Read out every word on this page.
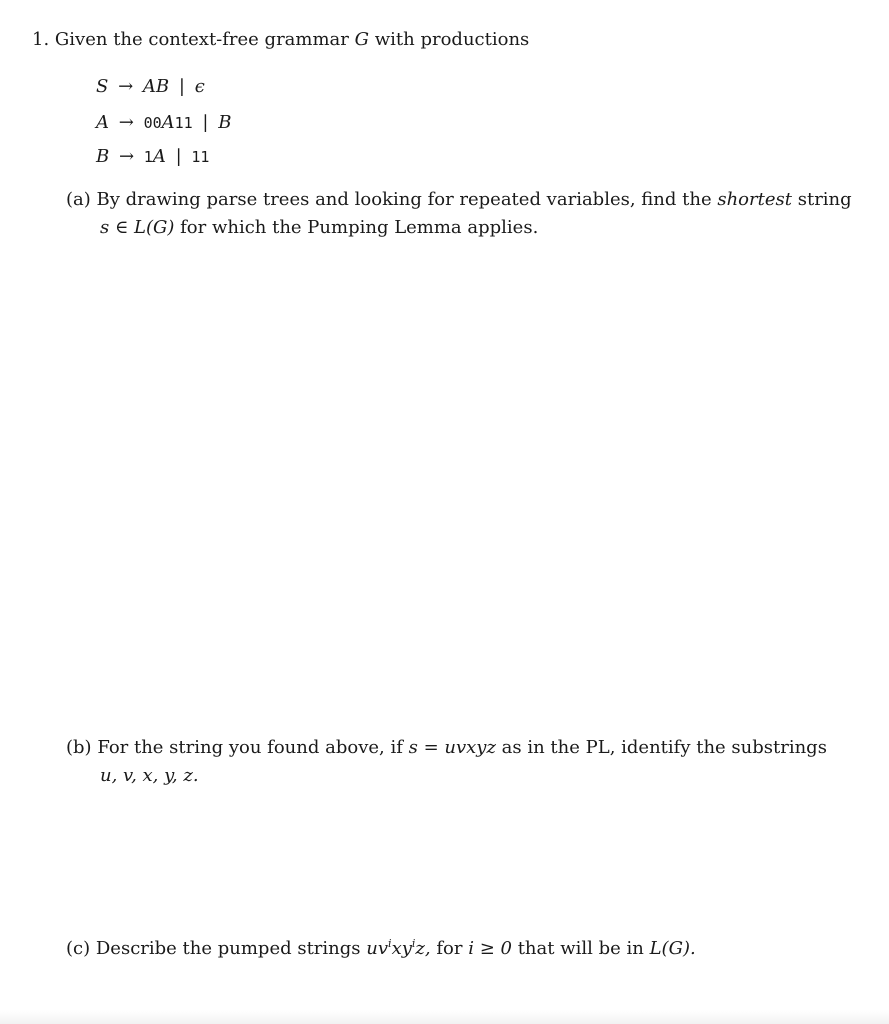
1. Given the context-free grammar G with productions
S → AB | ϵ
A → 00A11 | B
B → 1A | 11
(a) By drawing parse trees and looking for repeated variables, find the shortest string
s ∈ L(G) for which the Pumping Lemma applies.
(b) For the string you found above, if s = uvxyz as in the PL, identify the substrings
u, v, x, y, z.
(c) Describe the pumped strings $uv^ixy^iz$, for i ≥ 0 that will be in L(G).
